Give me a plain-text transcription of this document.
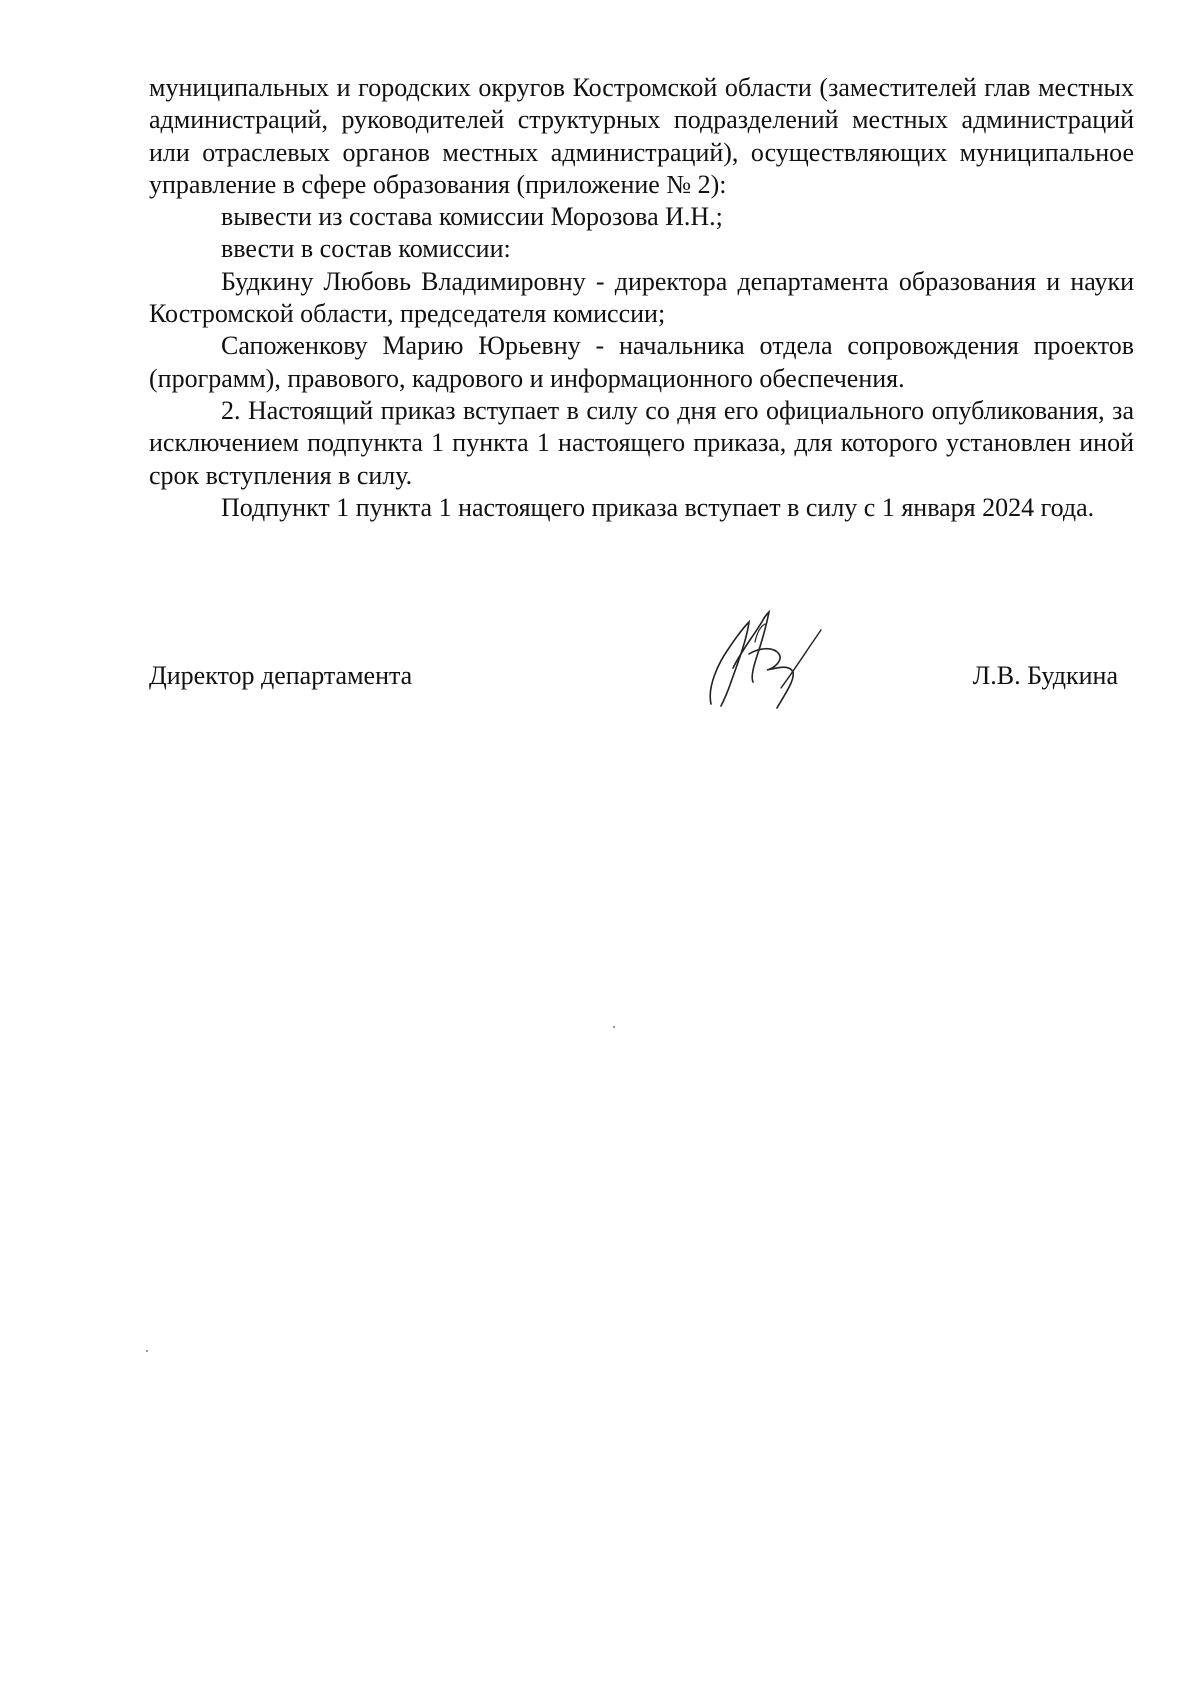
муниципальных и городских округов Костромской области (заместителей глав местных администраций, руководителей структурных подразделений местных администраций или отраслевых органов местных администраций), осуществляющих муниципальное управление в сфере образования (приложение № 2):

вывести из состава комиссии Морозова И.Н.;

ввести в состав комиссии:

Будкину Любовь Владимировну - директора департамента образования и науки Костромской области, председателя комиссии;

Сапоженкову Марию Юрьевну - начальника отдела сопровождения проектов (программ), правового, кадрового и информационного обеспечения.

2. Настоящий приказ вступает в силу со дня его официального опубликования, за исключением подпункта 1 пункта 1 настоящего приказа, для которого установлен иной срок вступления в силу.

Подпункт 1 пункта 1 настоящего приказа вступает в силу с 1 января 2024 года.

Директор департамента	Л.В. Будкина
